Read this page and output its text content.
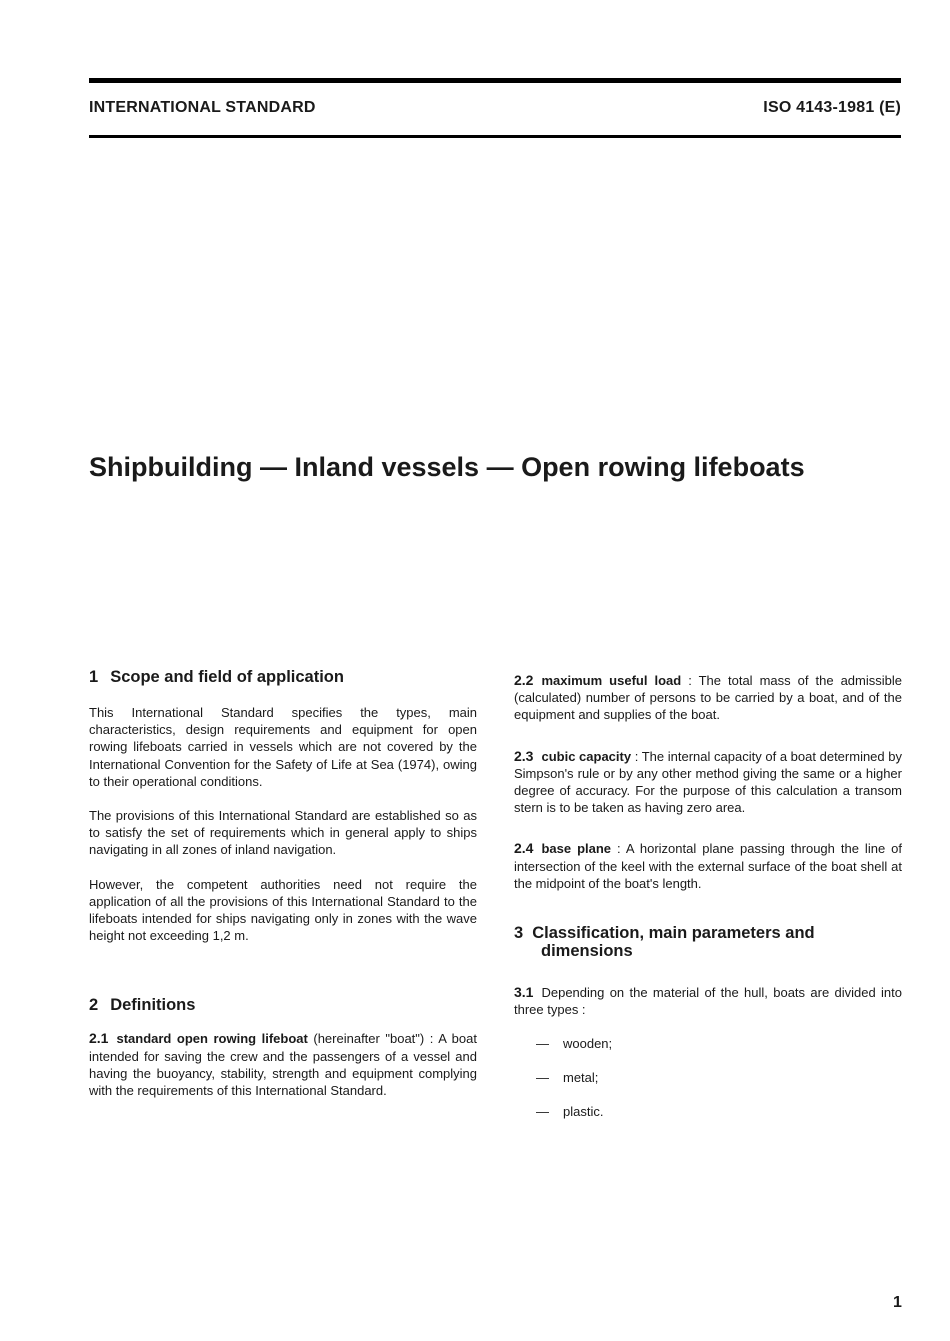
INTERNATIONAL STANDARD	ISO 4143-1981 (E)
Shipbuilding — Inland vessels — Open rowing lifeboats
1 Scope and field of application

This International Standard specifies the types, main characteristics, design requirements and equipment for open rowing lifeboats carried in vessels which are not covered by the International Convention for the Safety of Life at Sea (1974), owing to their operational conditions.

The provisions of this International Standard are established so as to satisfy the set of requirements which in general apply to ships navigating in all zones of inland navigation.

However, the competent authorities need not require the application of all the provisions of this International Standard to the lifeboats intended for ships navigating only in zones with the wave height not exceeding 1,2 m.

2 Definitions

2.1 standard open rowing lifeboat (hereinafter "boat") : A boat intended for saving the crew and the passengers of a vessel and having the buoyancy, stability, strength and equipment complying with the requirements of this International Standard.

2.2 maximum useful load : The total mass of the admissible (calculated) number of persons to be carried by a boat, and of the equipment and supplies of the boat.

2.3 cubic capacity : The internal capacity of a boat determined by Simpson's rule or by any other method giving the same or a higher degree of accuracy. For the purpose of this calculation a transom stern is to be taken as having zero area.

2.4 base plane : A horizontal plane passing through the line of intersection of the keel with the external surface of the boat shell at the midpoint of the boat's length.

3 Classification, main parameters and dimensions

3.1 Depending on the material of the hull, boats are divided into three types :

— wooden;
— metal;
— plastic.
1
